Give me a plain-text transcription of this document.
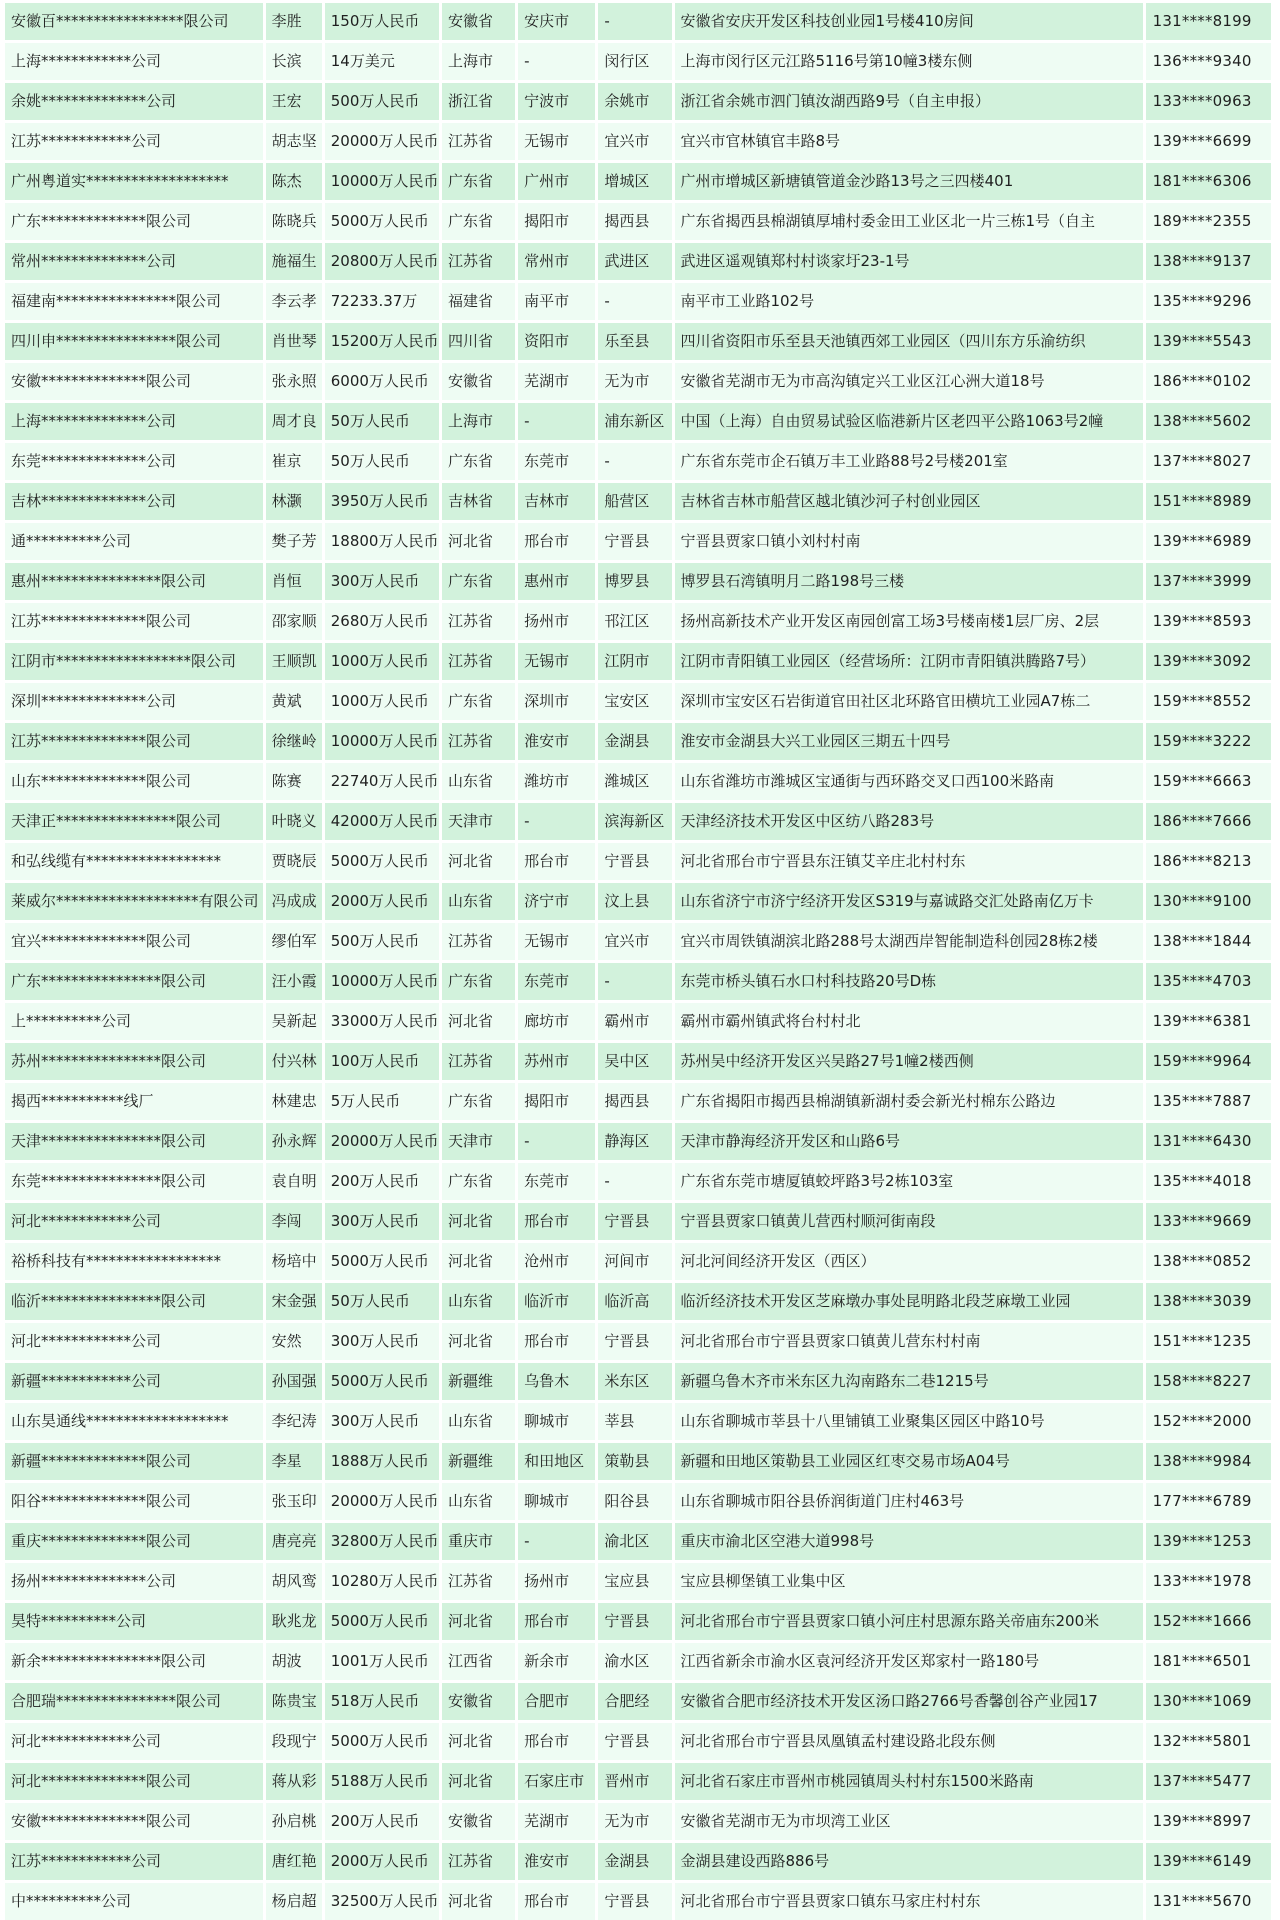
安徽百*****************限公司	李胜	150万人民币	安徽省	安庆市	-	安徽省安庆开发区科技创业园1号楼410房间	131****8199
上海************公司	长滨	14万美元	上海市	-	闵行区	上海市闵行区元江路5116号第10幢3楼东侧	136****9340
余姚**************公司	王宏	500万人民币	浙江省	宁波市	余姚市	浙江省余姚市泗门镇汝湖西路9号（自主申报）	133****0963
江苏************公司	胡志坚	20000万人民币	江苏省	无锡市	宜兴市	宜兴市官林镇官丰路8号	139****6699
广州粤道实*******************	陈杰	10000万人民币	广东省	广州市	增城区	广州市增城区新塘镇管道金沙路13号之三四楼401	181****6306
广东**************限公司	陈晓兵	5000万人民币	广东省	揭阳市	揭西县	广东省揭西县棉湖镇厚埔村委金田工业区北一片三栋1号（自主	189****2355
常州**************公司	施福生	20800万人民币	江苏省	常州市	武进区	武进区遥观镇郑村村谈家圩23-1号	138****9137
福建南****************限公司	李云孝	72233.37万	福建省	南平市	-	南平市工业路102号	135****9296
四川申****************限公司	肖世琴	15200万人民币	四川省	资阳市	乐至县	四川省资阳市乐至县天池镇西郊工业园区（四川东方乐渝纺织	139****5543
安徽**************限公司	张永照	6000万人民币	安徽省	芜湖市	无为市	安徽省芜湖市无为市高沟镇定兴工业区江心洲大道18号	186****0102
上海**************公司	周才良	50万人民币	上海市	-	浦东新区	中国（上海）自由贸易试验区临港新片区老四平公路1063号2幢	138****5602
东莞**************公司	崔京	50万人民币	广东省	东莞市	-	广东省东莞市企石镇万丰工业路88号2号楼201室	137****8027
吉林**************公司	林灏	3950万人民币	吉林省	吉林市	船营区	吉林省吉林市船营区越北镇沙河子村创业园区	151****8989
通**********公司	樊子芳	18800万人民币	河北省	邢台市	宁晋县	宁晋县贾家口镇小刘村村南	139****6989
惠州****************限公司	肖恒	300万人民币	广东省	惠州市	博罗县	博罗县石湾镇明月二路198号三楼	137****3999
江苏**************限公司	邵家顺	2680万人民币	江苏省	扬州市	邗江区	扬州高新技术产业开发区南园创富工场3号楼南楼1层厂房、2层	139****8593
江阴市******************限公司	王顺凯	1000万人民币	江苏省	无锡市	江阴市	江阴市青阳镇工业园区（经营场所：江阴市青阳镇洪腾路7号）	139****3092
深圳**************公司	黄斌	1000万人民币	广东省	深圳市	宝安区	深圳市宝安区石岩街道官田社区北环路官田横坑工业园A7栋二	159****8552
江苏**************限公司	徐继岭	10000万人民币	江苏省	淮安市	金湖县	淮安市金湖县大兴工业园区三期五十四号	159****3222
山东**************限公司	陈赛	22740万人民币	山东省	潍坊市	潍城区	山东省潍坊市潍城区宝通街与西环路交叉口西100米路南	159****6663
天津正****************限公司	叶晓义	42000万人民币	天津市	-	滨海新区	天津经济技术开发区中区纺八路283号	186****7666
和弘线缆有******************	贾晓辰	5000万人民币	河北省	邢台市	宁晋县	河北省邢台市宁晋县东汪镇艾辛庄北村村东	186****8213
莱威尔*******************有限公司	冯成成	2000万人民币	山东省	济宁市	汶上县	山东省济宁市济宁经济开发区S319与嘉诚路交汇处路南亿万卡	130****9100
宜兴**************限公司	缪伯军	500万人民币	江苏省	无锡市	宜兴市	宜兴市周铁镇湖滨北路288号太湖西岸智能制造科创园28栋2楼	138****1844
广东****************限公司	汪小霞	10000万人民币	广东省	东莞市	-	东莞市桥头镇石水口村科技路20号D栋	135****4703
上**********公司	吴新起	33000万人民币	河北省	廊坊市	霸州市	霸州市霸州镇武将台村村北	139****6381
苏州****************限公司	付兴林	100万人民币	江苏省	苏州市	吴中区	苏州吴中经济开发区兴吴路27号1幢2楼西侧	159****9964
揭西***********线厂	林建忠	5万人民币	广东省	揭阳市	揭西县	广东省揭阳市揭西县棉湖镇新湖村委会新光村棉东公路边	135****7887
天津****************限公司	孙永辉	20000万人民币	天津市	-	静海区	天津市静海经济开发区和山路6号	131****6430
东莞****************限公司	袁自明	200万人民币	广东省	东莞市	-	广东省东莞市塘厦镇蛟坪路3号2栋103室	135****4018
河北************公司	李闯	300万人民币	河北省	邢台市	宁晋县	宁晋县贾家口镇黄儿营西村顺河街南段	133****9669
裕桥科技有******************	杨培中	5000万人民币	河北省	沧州市	河间市	河北河间经济开发区（西区）	138****0852
临沂****************限公司	宋金强	50万人民币	山东省	临沂市	临沂高	临沂经济技术开发区芝麻墩办事处昆明路北段芝麻墩工业园	138****3039
河北************公司	安然	300万人民币	河北省	邢台市	宁晋县	河北省邢台市宁晋县贾家口镇黄儿营东村村南	151****1235
新疆************公司	孙国强	5000万人民币	新疆维	乌鲁木	米东区	新疆乌鲁木齐市米东区九沟南路东二巷1215号	158****8227
山东昊通线*******************	李纪涛	300万人民币	山东省	聊城市	莘县	山东省聊城市莘县十八里铺镇工业聚集区园区中路10号	152****2000
新疆**************限公司	李星	1888万人民币	新疆维	和田地区	策勒县	新疆和田地区策勒县工业园区红枣交易市场A04号	138****9984
阳谷**************限公司	张玉印	20000万人民币	山东省	聊城市	阳谷县	山东省聊城市阳谷县侨润街道门庄村463号	177****6789
重庆**************限公司	唐亮亮	32800万人民币	重庆市	-	渝北区	重庆市渝北区空港大道998号	139****1253
扬州**************公司	胡风鸾	10280万人民币	江苏省	扬州市	宝应县	宝应县柳堡镇工业集中区	133****1978
昊特**********公司	耿兆龙	5000万人民币	河北省	邢台市	宁晋县	河北省邢台市宁晋县贾家口镇小河庄村思源东路关帝庙东200米	152****1666
新余****************限公司	胡波	1001万人民币	江西省	新余市	渝水区	江西省新余市渝水区袁河经济开发区郑家村一路180号	181****6501
合肥瑞****************限公司	陈贵宝	518万人民币	安徽省	合肥市	合肥经	安徽省合肥市经济技术开发区汤口路2766号香馨创谷产业园17	130****1069
河北************公司	段现宁	5000万人民币	河北省	邢台市	宁晋县	河北省邢台市宁晋县凤凰镇孟村建设路北段东侧	132****5801
河北**************限公司	蒋从彩	5188万人民币	河北省	石家庄市	晋州市	河北省石家庄市晋州市桃园镇周头村村东1500米路南	137****5477
安徽**************限公司	孙启桃	200万人民币	安徽省	芜湖市	无为市	安徽省芜湖市无为市坝湾工业区	139****8997
江苏************公司	唐红艳	2000万人民币	江苏省	淮安市	金湖县	金湖县建设西路886号	139****6149
中**********公司	杨启超	32500万人民币	河北省	邢台市	宁晋县	河北省邢台市宁晋县贾家口镇东马家庄村村东	131****5670
